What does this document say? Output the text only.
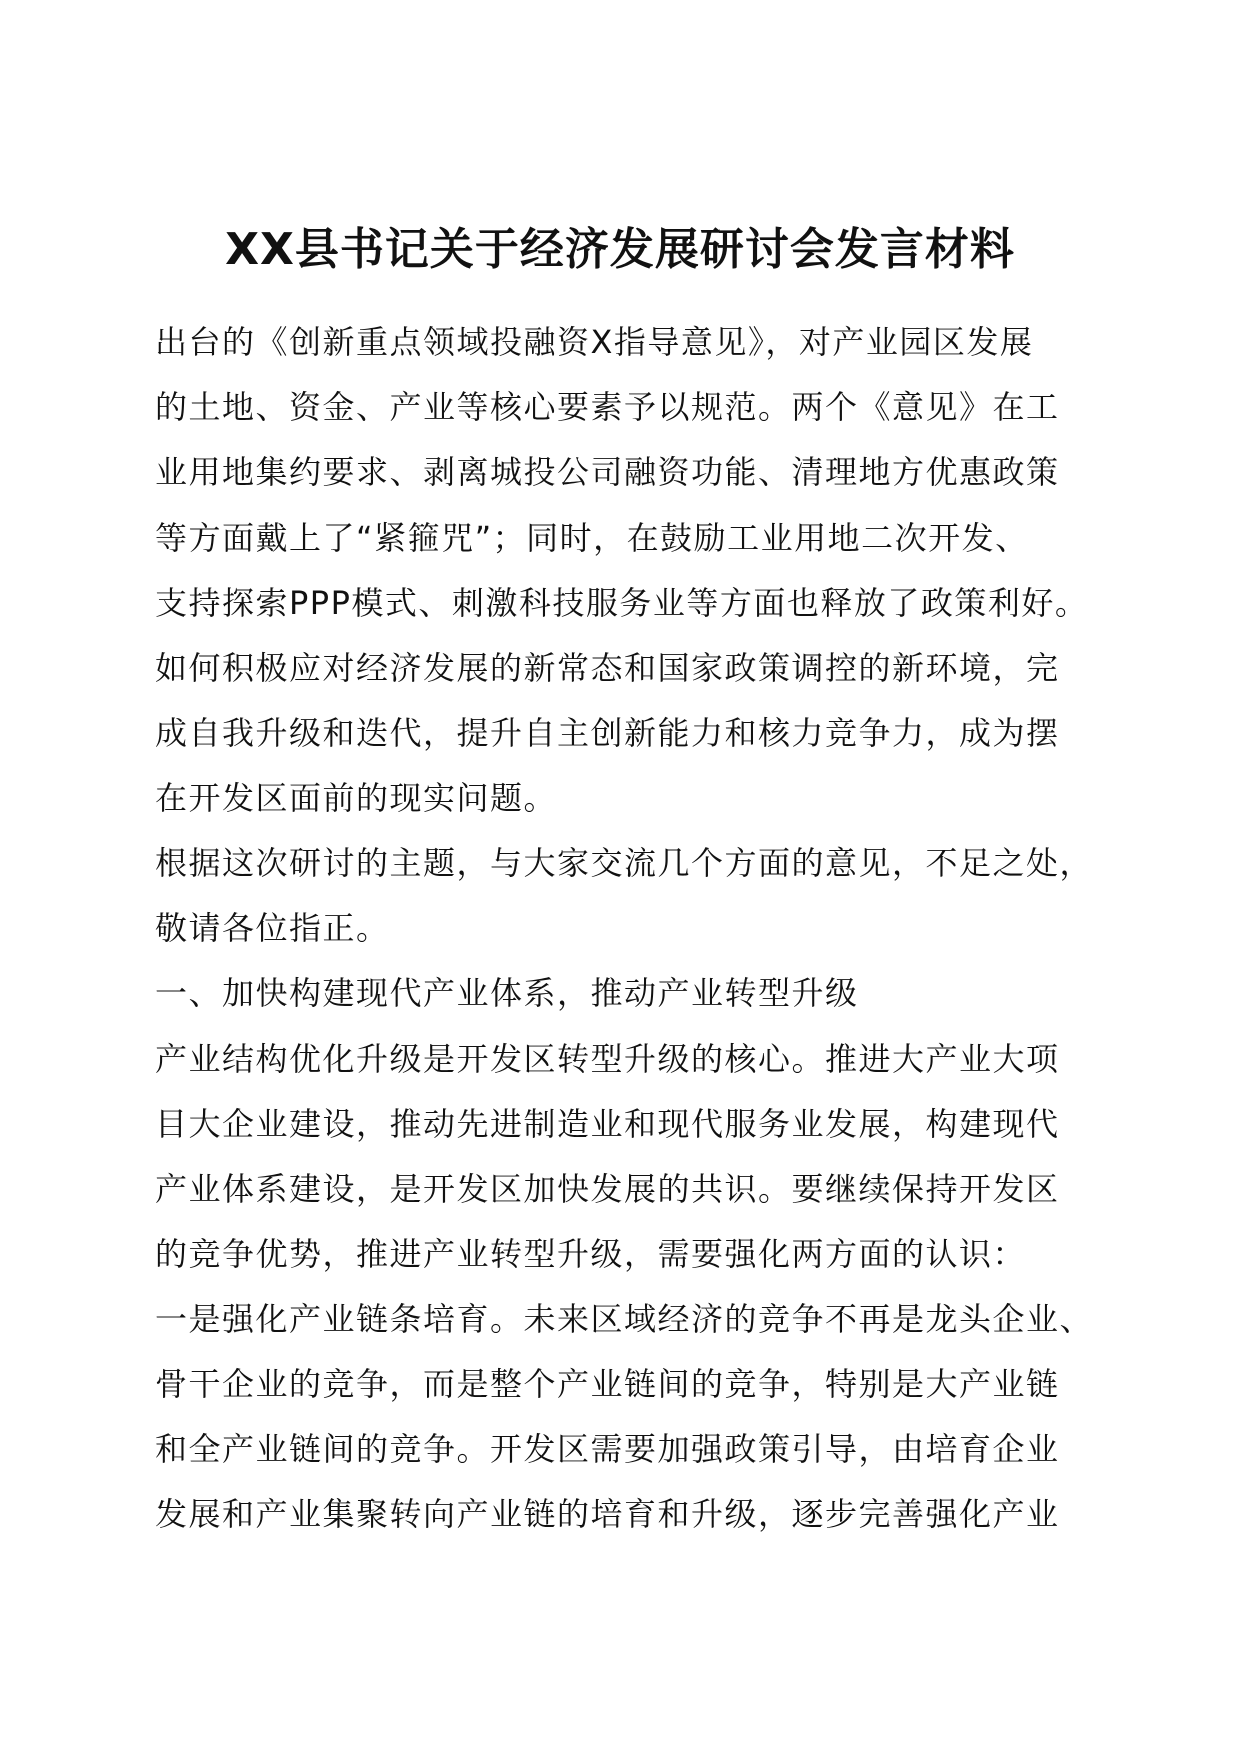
XX县书记关于经济发展研讨会发言材料

出台的《创新重点领域投融资X指导意见》，对产业园区发展

的土地、资金、产业等核心要素予以规范。两个《意见》在工

业用地集约要求、剥离城投公司融资功能、清理地方优惠政策

等方面戴上了“紧箍咒”；同时，在鼓励工业用地二次开发、

支持探索PPP模式、刺激科技服务业等方面也释放了政策利好。

如何积极应对经济发展的新常态和国家政策调控的新环境，完

成自我升级和迭代，提升自主创新能力和核力竞争力，成为摆

在开发区面前的现实问题。

根据这次研讨的主题，与大家交流几个方面的意见，不足之处，

敬请各位指正。

一、加快构建现代产业体系，推动产业转型升级

产业结构优化升级是开发区转型升级的核心。推进大产业大项

目大企业建设，推动先进制造业和现代服务业发展，构建现代

产业体系建设，是开发区加快发展的共识。要继续保持开发区

的竞争优势，推进产业转型升级，需要强化两方面的认识：

一是强化产业链条培育。未来区域经济的竞争不再是龙头企业、

骨干企业的竞争，而是整个产业链间的竞争，特别是大产业链

和全产业链间的竞争。开发区需要加强政策引导，由培育企业

发展和产业集聚转向产业链的培育和升级，逐步完善强化产业
